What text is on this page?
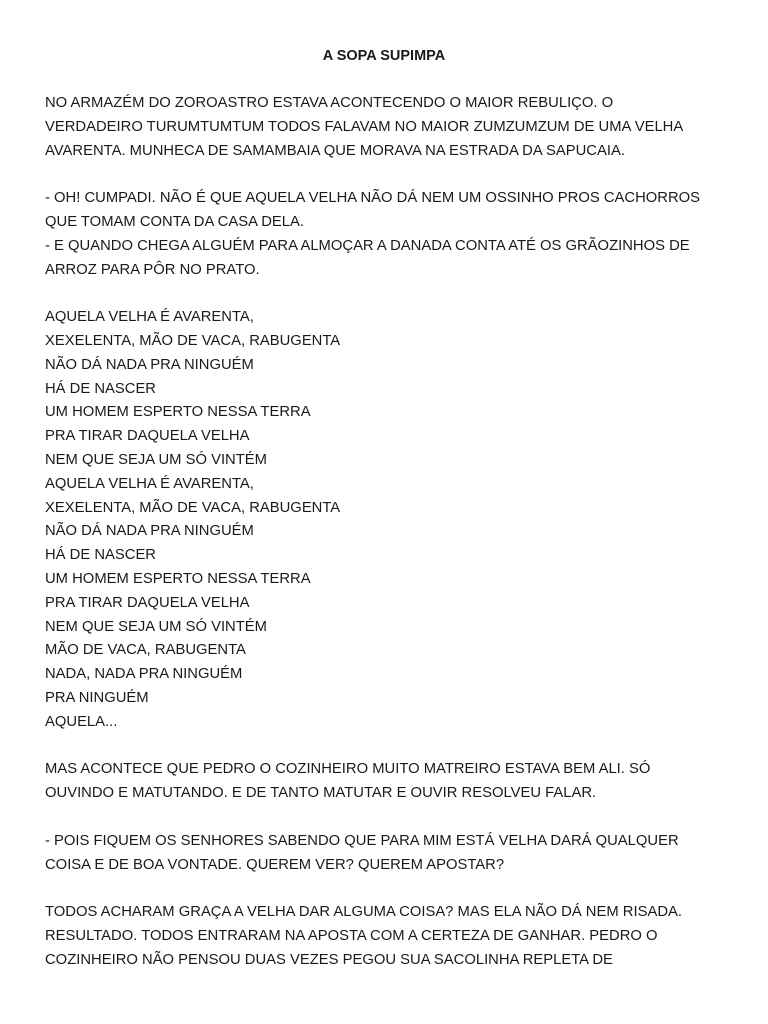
A SOPA SUPIMPA

NO ARMAZÉM DO ZOROASTRO ESTAVA ACONTECENDO O MAIOR REBULIÇO. O
VERDADEIRO TURUMTUMTUM TODOS FALAVAM NO MAIOR ZUMZUMZUM DE UMA VELHA
AVARENTA. MUNHECA DE SAMAMBAIA QUE MORAVA NA ESTRADA DA SAPUCAIA.

- OH! CUMPADI. NÃO É QUE AQUELA VELHA NÃO DÁ NEM UM OSSINHO PROS CACHORROS
QUE TOMAM CONTA DA CASA DELA.
- E QUANDO CHEGA ALGUÉM PARA ALMOÇAR A DANADA CONTA ATÉ OS GRÃOZINHOS DE
ARROZ PARA PÔR NO PRATO.

AQUELA VELHA É AVARENTA,
XEXELENTA, MÃO DE VACA, RABUGENTA
NÃO DÁ NADA PRA NINGUÉM
HÁ DE NASCER
UM HOMEM ESPERTO NESSA TERRA
PRA TIRAR DAQUELA VELHA
NEM QUE SEJA UM SÓ VINTÉM
AQUELA VELHA É AVARENTA,
XEXELENTA, MÃO DE VACA, RABUGENTA
NÃO DÁ NADA PRA NINGUÉM
HÁ DE NASCER
UM HOMEM ESPERTO NESSA TERRA
PRA TIRAR DAQUELA VELHA
NEM QUE SEJA UM SÓ VINTÉM
MÃO DE VACA, RABUGENTA
NADA, NADA PRA NINGUÉM
PRA NINGUÉM
AQUELA...

MAS ACONTECE QUE PEDRO O COZINHEIRO MUITO MATREIRO ESTAVA BEM ALI. SÓ
OUVINDO E MATUTANDO. E DE TANTO MATUTAR E OUVIR RESOLVEU FALAR.

- POIS FIQUEM OS SENHORES SABENDO QUE PARA MIM ESTÁ VELHA DARÁ QUALQUER
COISA E DE BOA VONTADE. QUEREM VER? QUEREM APOSTAR?

TODOS ACHARAM GRAÇA A VELHA DAR ALGUMA COISA? MAS ELA NÃO DÁ NEM RISADA.
RESULTADO. TODOS ENTRARAM NA APOSTA COM A CERTEZA DE GANHAR. PEDRO O
COZINHEIRO NÃO PENSOU DUAS VEZES PEGOU SUA SACOLINHA REPLETA DE
